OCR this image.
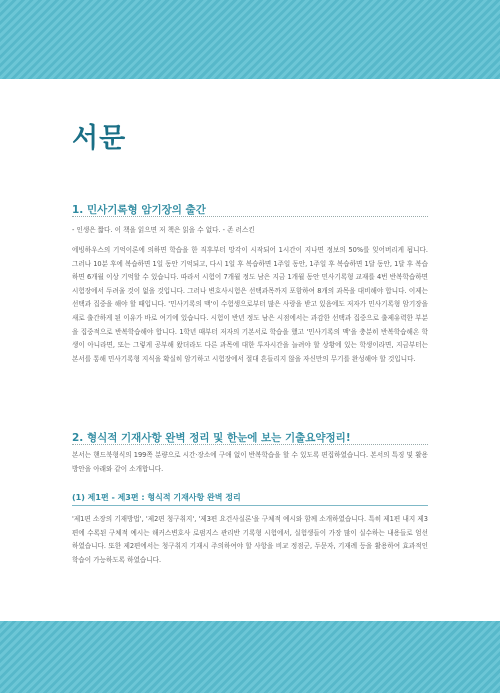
서문
1. 민사기록형 암기장의 출간
- 인생은 짧다. 이 책을 읽으면 저 책은 읽을 수 없다. - 존 러스킨
에빙하우스의 기억이론에 의하면 학습을 한 직후부터 망각이 시작되어 1시간이 지나면 정보의 50%를 잊어버리게 됩니다. 그러나 10분 후에 복습하면 1일 동안 기억되고, 다시 1일 후 복습하면 1주일 동안, 1주일 후 복습하면 1달 동안, 1달 후 복습하면 6개월 이상 기억할 수 있습니다. 따라서 시험이 7개월 정도 남은 지금 1개월 동안 민사기록형 교재를 4번 반복학습하면 시험장에서 두려울 것이 없을 것입니다. 그러나 변호사시험은 선택과목까지 포함하여 8개의 과목을 대비해야 합니다. 이제는 선택과 집중을 해야 할 때입니다. '민사기록의 맥'이 수험생으로부터 많은 사랑을 받고 있음에도 저자가 민사기록형 암기장을 새로 출간하게 된 이유가 바로 여기에 있습니다. 시험이 반년 정도 남은 시점에서는 과감한 선택과 집중으로 출제유력한 부분을 집중적으로 반복학습해야 합니다. 1학년 때부터 저자의 기본서로 학습을 했고 '민사기록의 맥'을 충분히 반복학습해온 학생이 아니라면, 또는 그렇게 공부해 왔더라도 다른 과목에 대한 투자시간을 늘려야 할 상황에 있는 학생이라면, 지금부터는 본서를 통해 민사기록형 지식을 확실히 암기하고 시험장에서 절대 흔들리지 않을 자신만의 무기를 완성해야 할 것입니다.
2. 형식적 기재사항 완벽 정리 및 한눈에 보는 기출요약정리!
본서는 핸드북형식의 199쪽 분량으로 시간·장소에 구애 없이 반복학습을 할 수 있도록 편집하였습니다. 본서의 특징 및 활용방안을 아래와 같이 소개합니다.
(1) 제1편 - 제3편 : 형식적 기재사항 완벽 정리
'제1편 소장의 기재방법', '제2편 청구취지', '제3편 요건사실론'을 구체적 예시와 함께 소개하였습니다. 특히 제1편 내지 제3편에 수록된 구체적 예시는 해커스변호사 로펌지스 관리반 기록형 시험에서, 실험생들이 가장 많이 실수하는 내용들로 엄선하였습니다. 또한 제2편에서는 청구취지 기재시 주의하여야 할 사항을 비교 정점군, 두문자, 기재례 등을 활용하여 효과적인 학습이 가능하도록 하였습니다.
